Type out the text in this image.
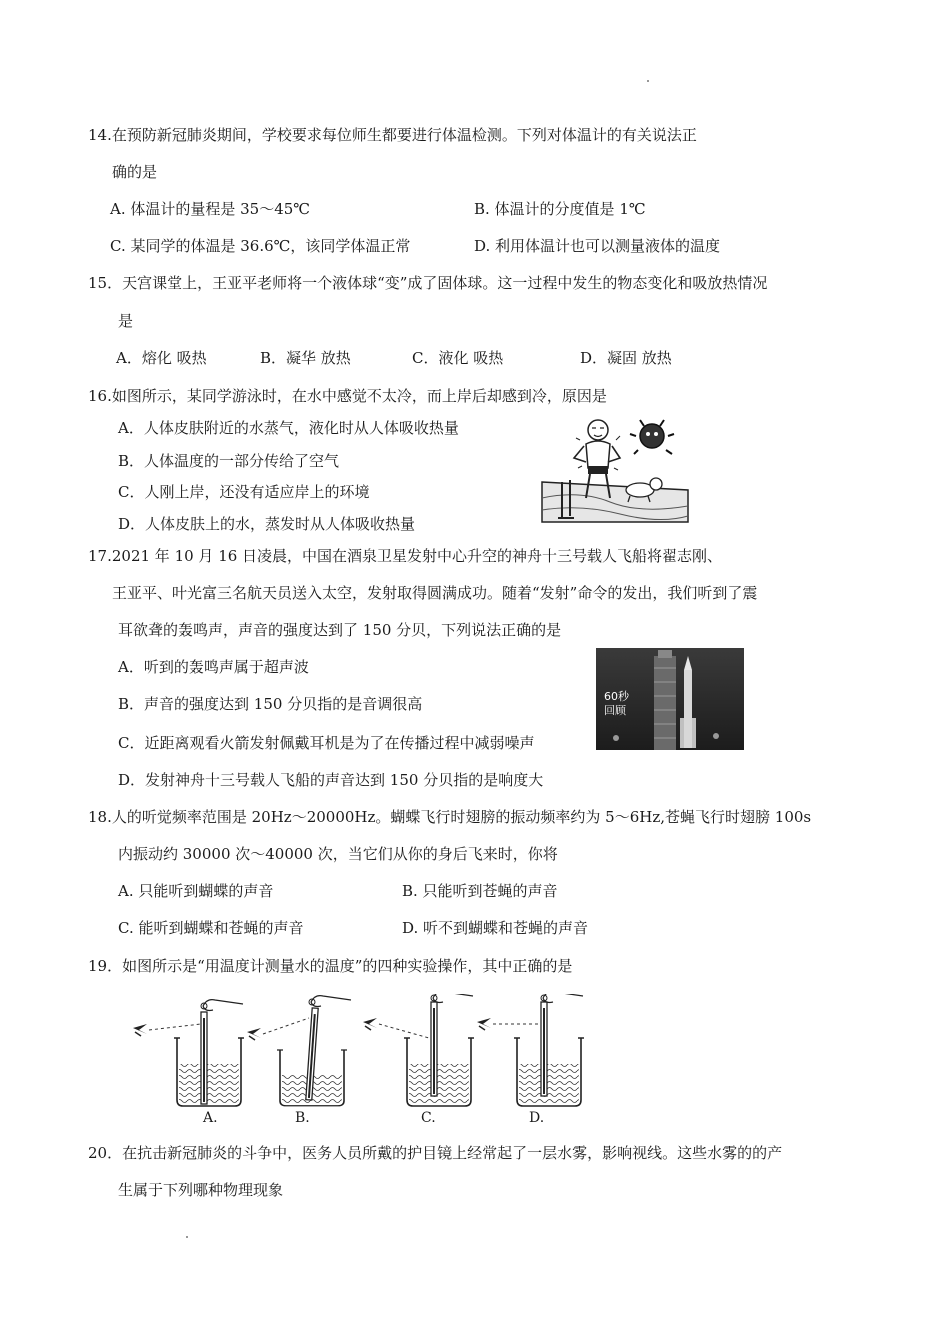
14.在预防新冠肺炎期间，学校要求每位师生都要进行体温检测。下列对体温计的有关说法正
确的是
A. 体温计的量程是 35～45℃	B. 体温计的分度值是 1℃
C. 某同学的体温是 36.6℃，该同学体温正常	D. 利用体温计也可以测量液体的温度
15．天宫课堂上，王亚平老师将一个液体球“变”成了固体球。这一过程中发生的物态变化和吸放热情况
是
A．熔化 吸热	B．凝华 放热	C．液化 吸热	D．凝固 放热
16.如图所示，某同学游泳时，在水中感觉不太冷，而上岸后却感到冷，原因是
A．人体皮肤附近的水蒸气，液化时从人体吸收热量
B．人体温度的一部分传给了空气
C．人刚上岸，还没有适应岸上的环境
D．人体皮肤上的水，蒸发时从人体吸收热量
17.2021 年 10 月 16 日凌晨，中国在酒泉卫星发射中心升空的神舟十三号载人飞船将翟志刚、
王亚平、叶光富三名航天员送入太空，发射取得圆满成功。随着“发射”命令的发出，我们听到了震
耳欲聋的轰鸣声，声音的强度达到了 150 分贝，下列说法正确的是
A．听到的轰鸣声属于超声波
B．声音的强度达到 150 分贝指的是音调很高
C．近距离观看火箭发射佩戴耳机是为了在传播过程中减弱噪声
D．发射神舟十三号载人飞船的声音达到 150 分贝指的是响度大
60秒
回顾
18.人的听觉频率范围是 20Hz～20000Hz。蝴蝶飞行时翅膀的振动频率约为 5～6Hz,苍蝇飞行时翅膀 100s
内振动约 30000 次～40000 次，当它们从你的身后飞来时，你将
A. 只能听到蝴蝶的声音	B. 只能听到苍蝇的声音
C. 能听到蝴蝶和苍蝇的声音	D. 听不到蝴蝶和苍蝇的声音
19．如图所示是“用温度计测量水的温度”的四种实验操作，其中正确的是
A.	B.	C.	D.
20．在抗击新冠肺炎的斗争中，医务人员所戴的护目镜上经常起了一层水雾，影响视线。这些水雾的的产
生属于下列哪种物理现象
